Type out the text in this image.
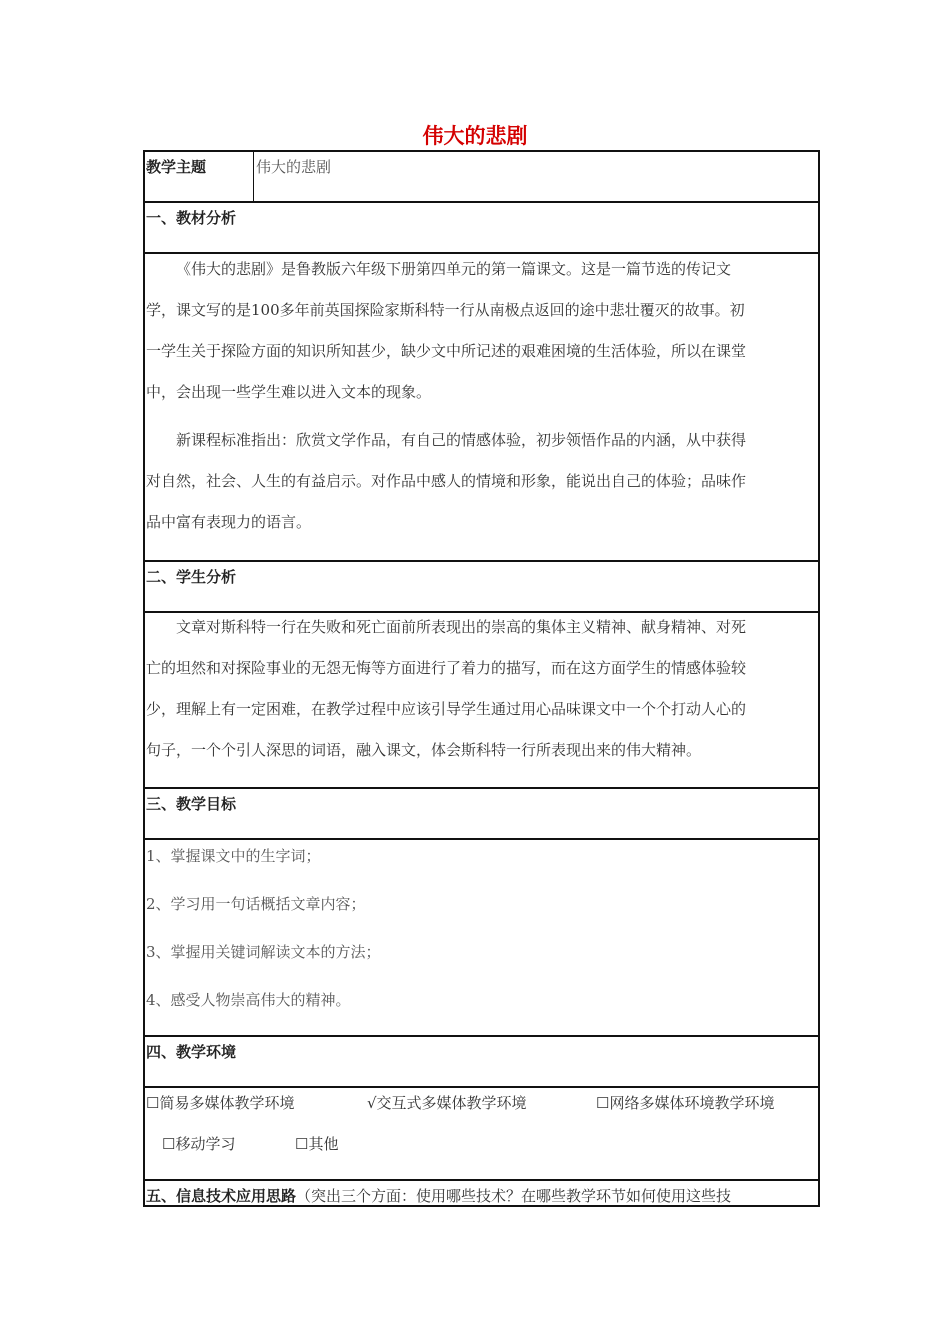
伟大的悲剧
教学主题	伟大的悲剧
一、教材分析
《伟大的悲剧》是鲁教版六年级下册第四单元的第一篇课文。这是一篇节选的传记文
学，课文写的是100多年前英国探险家斯科特一行从南极点返回的途中悲壮覆灭的故事。初
一学生关于探险方面的知识所知甚少，缺少文中所记述的艰难困境的生活体验，所以在课堂
中，会出现一些学生难以进入文本的现象。
新课程标准指出：欣赏文学作品，有自己的情感体验，初步领悟作品的内涵，从中获得
对自然，社会、人生的有益启示。对作品中感人的情境和形象，能说出自己的体验；品味作
品中富有表现力的语言。
二、学生分析
文章对斯科特一行在失败和死亡面前所表现出的崇高的集体主义精神、献身精神、对死
亡的坦然和对探险事业的无怨无悔等方面进行了着力的描写，而在这方面学生的情感体验较
少，理解上有一定困难，在教学过程中应该引导学生通过用心品味课文中一个个打动人心的
句子，一个个引人深思的词语，融入课文，体会斯科特一行所表现出来的伟大精神。
三、教学目标
1、掌握课文中的生字词；
2、学习用一句话概括文章内容；
3、掌握用关键词解读文本的方法；
4、感受人物崇高伟大的精神。
四、教学环境
☐简易多媒体教学环境	√交互式多媒体教学环境	☐网络多媒体环境教学环境
☐移动学习	☐其他
五、信息技术应用思路（突出三个方面：使用哪些技术？在哪些教学环节如何使用这些技
